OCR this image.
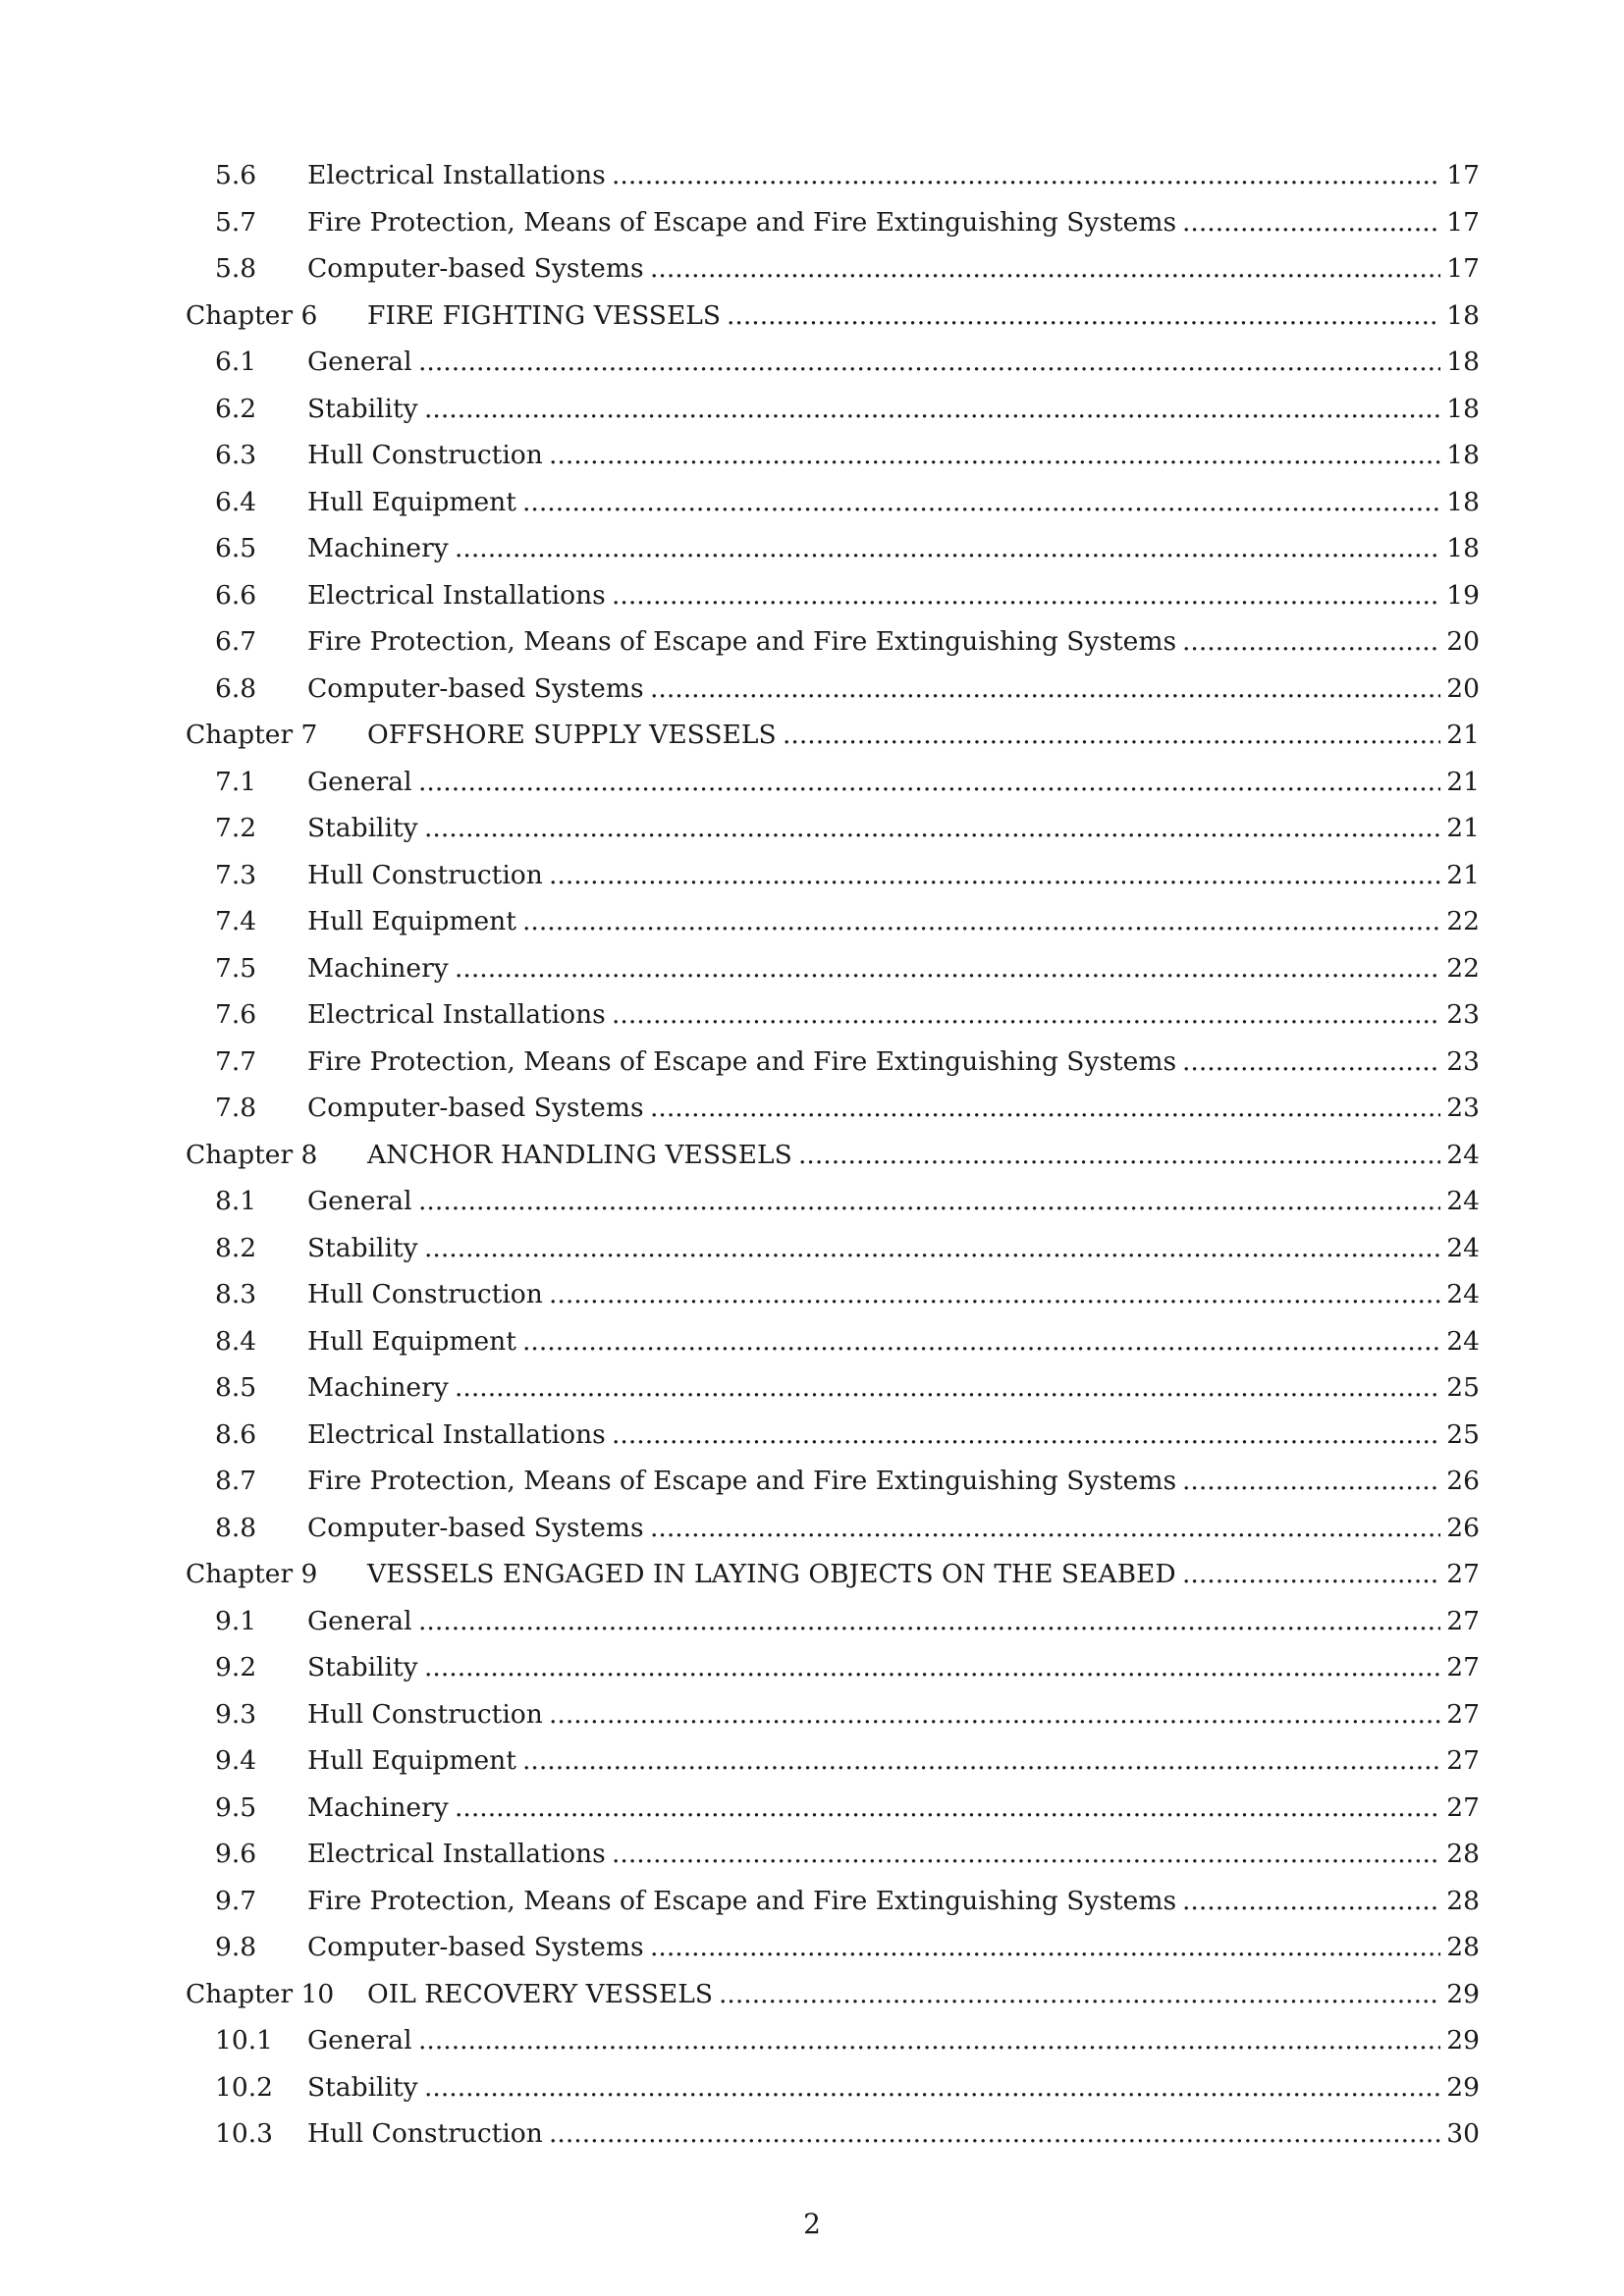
5.6 Electrical Installations .....	17
5.7 Fire Protection, Means of Escape and Fire Extinguishing Systems .....	17
5.8 Computer-based Systems .....	17
Chapter 6 FIRE FIGHTING VESSELS .....	18
6.1 General .....	18
6.2 Stability .....	18
6.3 Hull Construction .....	18
6.4 Hull Equipment .....	18
6.5 Machinery .....	18
6.6 Electrical Installations .....	19
6.7 Fire Protection, Means of Escape and Fire Extinguishing Systems .....	20
6.8 Computer-based Systems .....	20
Chapter 7 OFFSHORE SUPPLY VESSELS .....	21
7.1 General .....	21
7.2 Stability .....	21
7.3 Hull Construction .....	21
7.4 Hull Equipment .....	22
7.5 Machinery .....	22
7.6 Electrical Installations .....	23
7.7 Fire Protection, Means of Escape and Fire Extinguishing Systems .....	23
7.8 Computer-based Systems .....	23
Chapter 8 ANCHOR HANDLING VESSELS .....	24
8.1 General .....	24
8.2 Stability .....	24
8.3 Hull Construction .....	24
8.4 Hull Equipment .....	24
8.5 Machinery .....	25
8.6 Electrical Installations .....	25
8.7 Fire Protection, Means of Escape and Fire Extinguishing Systems .....	26
8.8 Computer-based Systems .....	26
Chapter 9 VESSELS ENGAGED IN LAYING OBJECTS ON THE SEABED .....	27
9.1 General .....	27
9.2 Stability .....	27
9.3 Hull Construction .....	27
9.4 Hull Equipment .....	27
9.5 Machinery .....	27
9.6 Electrical Installations .....	28
9.7 Fire Protection, Means of Escape and Fire Extinguishing Systems .....	28
9.8 Computer-based Systems .....	28
Chapter 10 OIL RECOVERY VESSELS .....	29
10.1 General .....	29
10.2 Stability .....	29
10.3 Hull Construction .....	30
2
